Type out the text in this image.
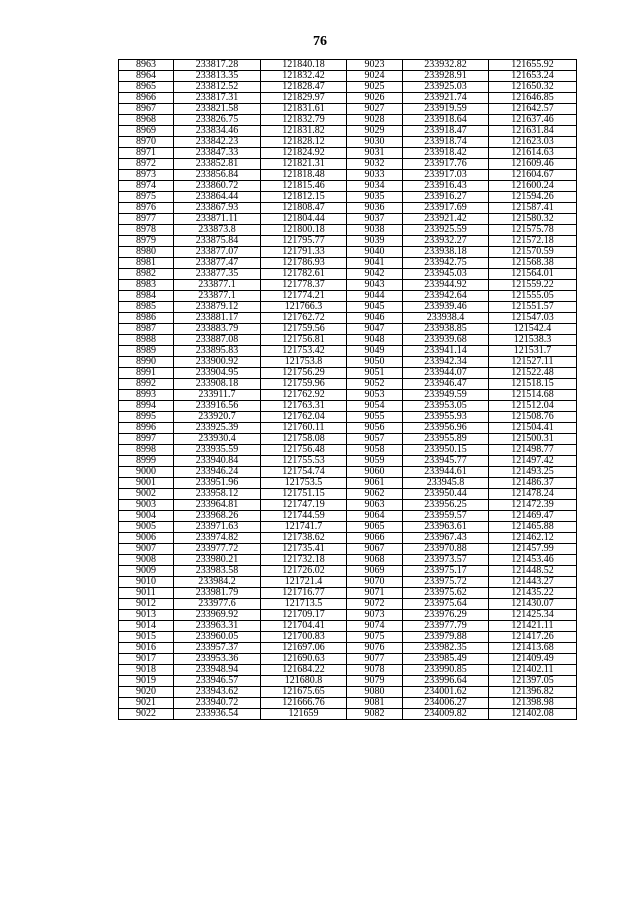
76
8963	233817.28	121840.18	9023	233932.82	121655.92
8964	233813.35	121832.42	9024	233928.91	121653.24
8965	233812.52	121828.47	9025	233925.03	121650.32
8966	233817.31	121829.97	9026	233921.74	121646.85
8967	233821.58	121831.61	9027	233919.59	121642.57
8968	233826.75	121832.79	9028	233918.64	121637.46
8969	233834.46	121831.82	9029	233918.47	121631.84
8970	233842.23	121828.12	9030	233918.74	121623.03
8971	233847.33	121824.92	9031	233918.42	121614.63
8972	233852.81	121821.31	9032	233917.76	121609.46
8973	233856.84	121818.48	9033	233917.03	121604.67
8974	233860.72	121815.46	9034	233916.43	121600.24
8975	233864.44	121812.15	9035	233916.27	121594.26
8976	233867.93	121808.47	9036	233917.69	121587.41
8977	233871.11	121804.44	9037	233921.42	121580.32
8978	233873.8	121800.18	9038	233925.59	121575.78
8979	233875.84	121795.77	9039	233932.27	121572.18
8980	233877.07	121791.33	9040	233938.18	121570.59
8981	233877.47	121786.93	9041	233942.75	121568.38
8982	233877.35	121782.61	9042	233945.03	121564.01
8983	233877.1	121778.37	9043	233944.92	121559.22
8984	233877.1	121774.21	9044	233942.64	121555.05
8985	233879.12	121766.3	9045	233939.46	121551.57
8986	233881.17	121762.72	9046	233938.4	121547.03
8987	233883.79	121759.56	9047	233938.85	121542.4
8988	233887.08	121756.81	9048	233939.68	121538.3
8989	233895.83	121753.42	9049	233941.14	121531.7
8990	233900.92	121753.8	9050	233942.34	121527.11
8991	233904.95	121756.29	9051	233944.07	121522.48
8992	233908.18	121759.96	9052	233946.47	121518.15
8993	233911.7	121762.92	9053	233949.59	121514.68
8994	233916.56	121763.31	9054	233953.05	121512.04
8995	233920.7	121762.04	9055	233955.93	121508.76
8996	233925.39	121760.11	9056	233956.96	121504.41
8997	233930.4	121758.08	9057	233955.89	121500.31
8998	233935.59	121756.48	9058	233950.15	121498.77
8999	233940.84	121755.53	9059	233945.77	121497.42
9000	233946.24	121754.74	9060	233944.61	121493.25
9001	233951.96	121753.5	9061	233945.8	121486.37
9002	233958.12	121751.15	9062	233950.44	121478.24
9003	233964.81	121747.19	9063	233956.25	121472.39
9004	233968.26	121744.59	9064	233959.57	121469.47
9005	233971.63	121741.7	9065	233963.61	121465.88
9006	233974.82	121738.62	9066	233967.43	121462.12
9007	233977.72	121735.41	9067	233970.88	121457.99
9008	233980.21	121732.18	9068	233973.57	121453.46
9009	233983.58	121726.02	9069	233975.17	121448.52
9010	233984.2	121721.4	9070	233975.72	121443.27
9011	233981.79	121716.77	9071	233975.62	121435.22
9012	233977.6	121713.5	9072	233975.64	121430.07
9013	233969.92	121709.17	9073	233976.29	121425.34
9014	233963.31	121704.41	9074	233977.79	121421.11
9015	233960.05	121700.83	9075	233979.88	121417.26
9016	233957.37	121697.06	9076	233982.35	121413.68
9017	233953.36	121690.63	9077	233985.49	121409.49
9018	233948.94	121684.22	9078	233990.85	121402.11
9019	233946.57	121680.8	9079	233996.64	121397.05
9020	233943.62	121675.65	9080	234001.62	121396.82
9021	233940.72	121666.76	9081	234006.27	121398.98
9022	233936.54	121659	9082	234009.82	121402.08
